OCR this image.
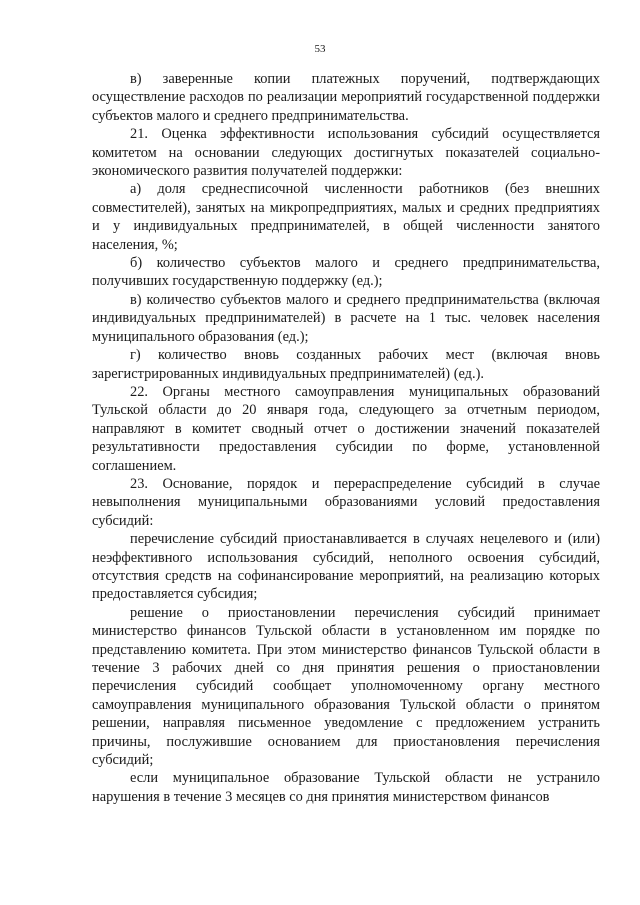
53

в) заверенные копии платежных поручений, подтверждающих осуществление расходов по реализации мероприятий государственной поддержки субъектов малого и среднего предпринимательства.

21. Оценка эффективности использования субсидий осуществляется комитетом на основании следующих достигнутых показателей социально-экономического развития получателей поддержки:

а) доля среднесписочной численности работников (без внешних совместителей), занятых на микропредприятиях, малых и средних предприятиях и у индивидуальных предпринимателей, в общей численности занятого населения, %;

б) количество субъектов малого и среднего предпринимательства, получивших государственную поддержку (ед.);

в) количество субъектов малого и среднего предпринимательства (включая индивидуальных предпринимателей) в расчете на 1 тыс. человек населения муниципального образования (ед.);

г) количество вновь созданных рабочих мест (включая вновь зарегистрированных индивидуальных предпринимателей) (ед.).

22. Органы местного самоуправления муниципальных образований Тульской области до 20 января года, следующего за отчетным периодом, направляют в комитет сводный отчет о достижении значений показателей результативности предоставления субсидии по форме, установленной соглашением.

23. Основание, порядок и перераспределение субсидий в случае невыполнения муниципальными образованиями условий предоставления субсидий:

перечисление субсидий приостанавливается в случаях нецелевого и (или) неэффективного использования субсидий, неполного освоения субсидий, отсутствия средств на софинансирование мероприятий, на реализацию которых предоставляется субсидия;

решение о приостановлении перечисления субсидий принимает министерство финансов Тульской области в установленном им порядке по представлению комитета. При этом министерство финансов Тульской области в течение 3 рабочих дней со дня принятия решения о приостановлении перечисления субсидий сообщает уполномоченному органу местного самоуправления муниципального образования Тульской области о принятом решении, направляя письменное уведомление с предложением устранить причины, послужившие основанием для приостановления перечисления субсидий;

если муниципальное образование Тульской области не устранило нарушения в течение 3 месяцев со дня принятия министерством финансов
